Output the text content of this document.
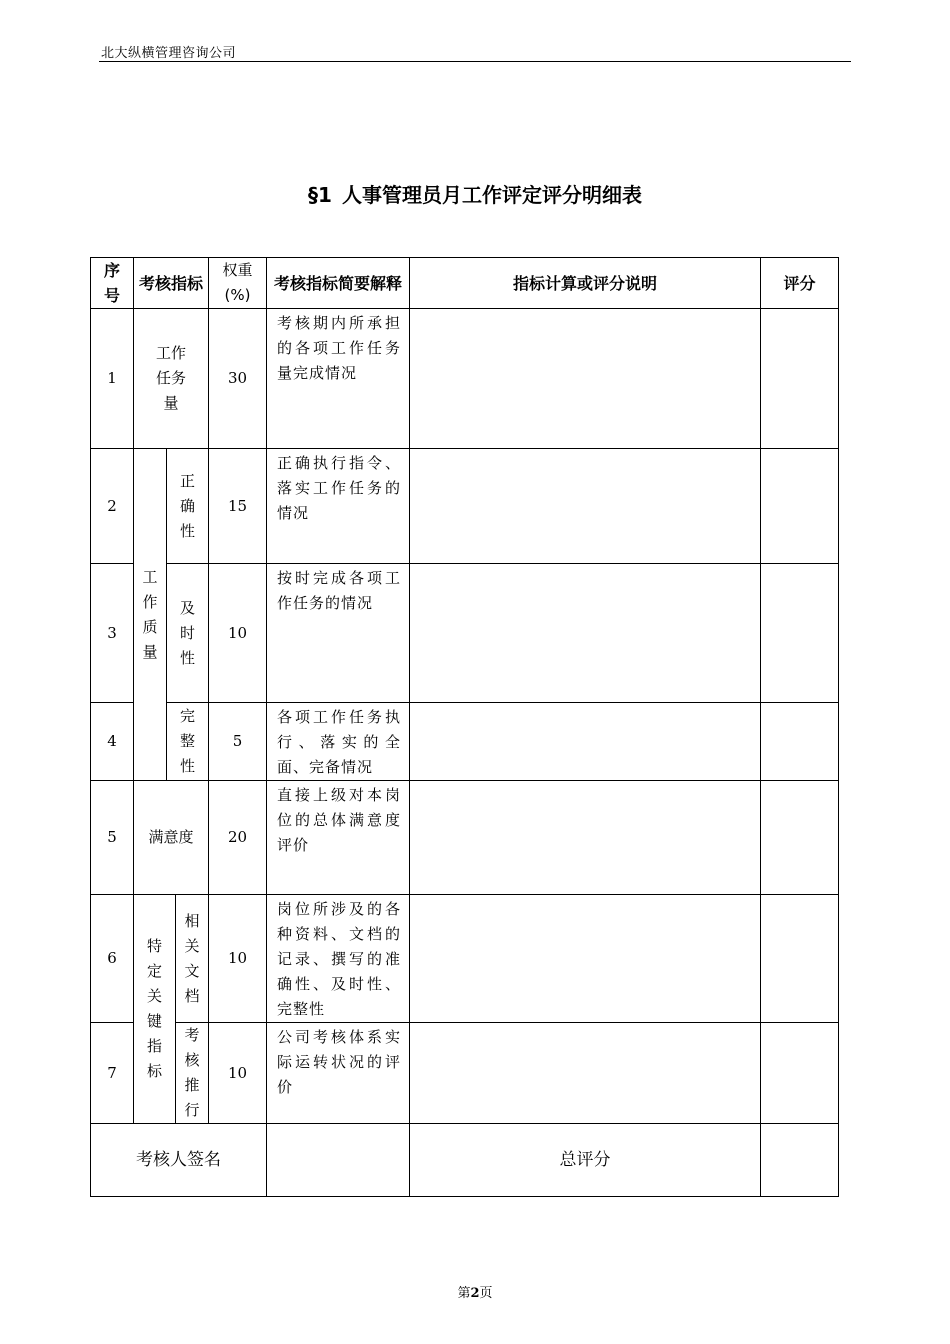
北大纵横管理咨询公司
§1 人事管理员月工作评定评分明细表
序号	考核指标			权重(%)	考核指标简要解释	指标计算或评分说明	评分
1	工作任务量			30	考核期内所承担的各项工作任务量完成情况		
2	工作质量	正确性		15	正确执行指令、落实工作任务的情况		
3		及时性		10	按时完成各项工作任务的情况		
4		完整性		5	各项工作任务执行、落实的全面、完备情况		
5	满意度			20	直接上级对本岗位的总体满意度评价		
6	特定关键指标		相关文档	10	岗位所涉及的各种资料、文档的记录、撰写的准确性、及时性、完整性		
7			考核推行	10	公司考核体系实际运转状况的评价		
考核人签名						总评分	
第2页
